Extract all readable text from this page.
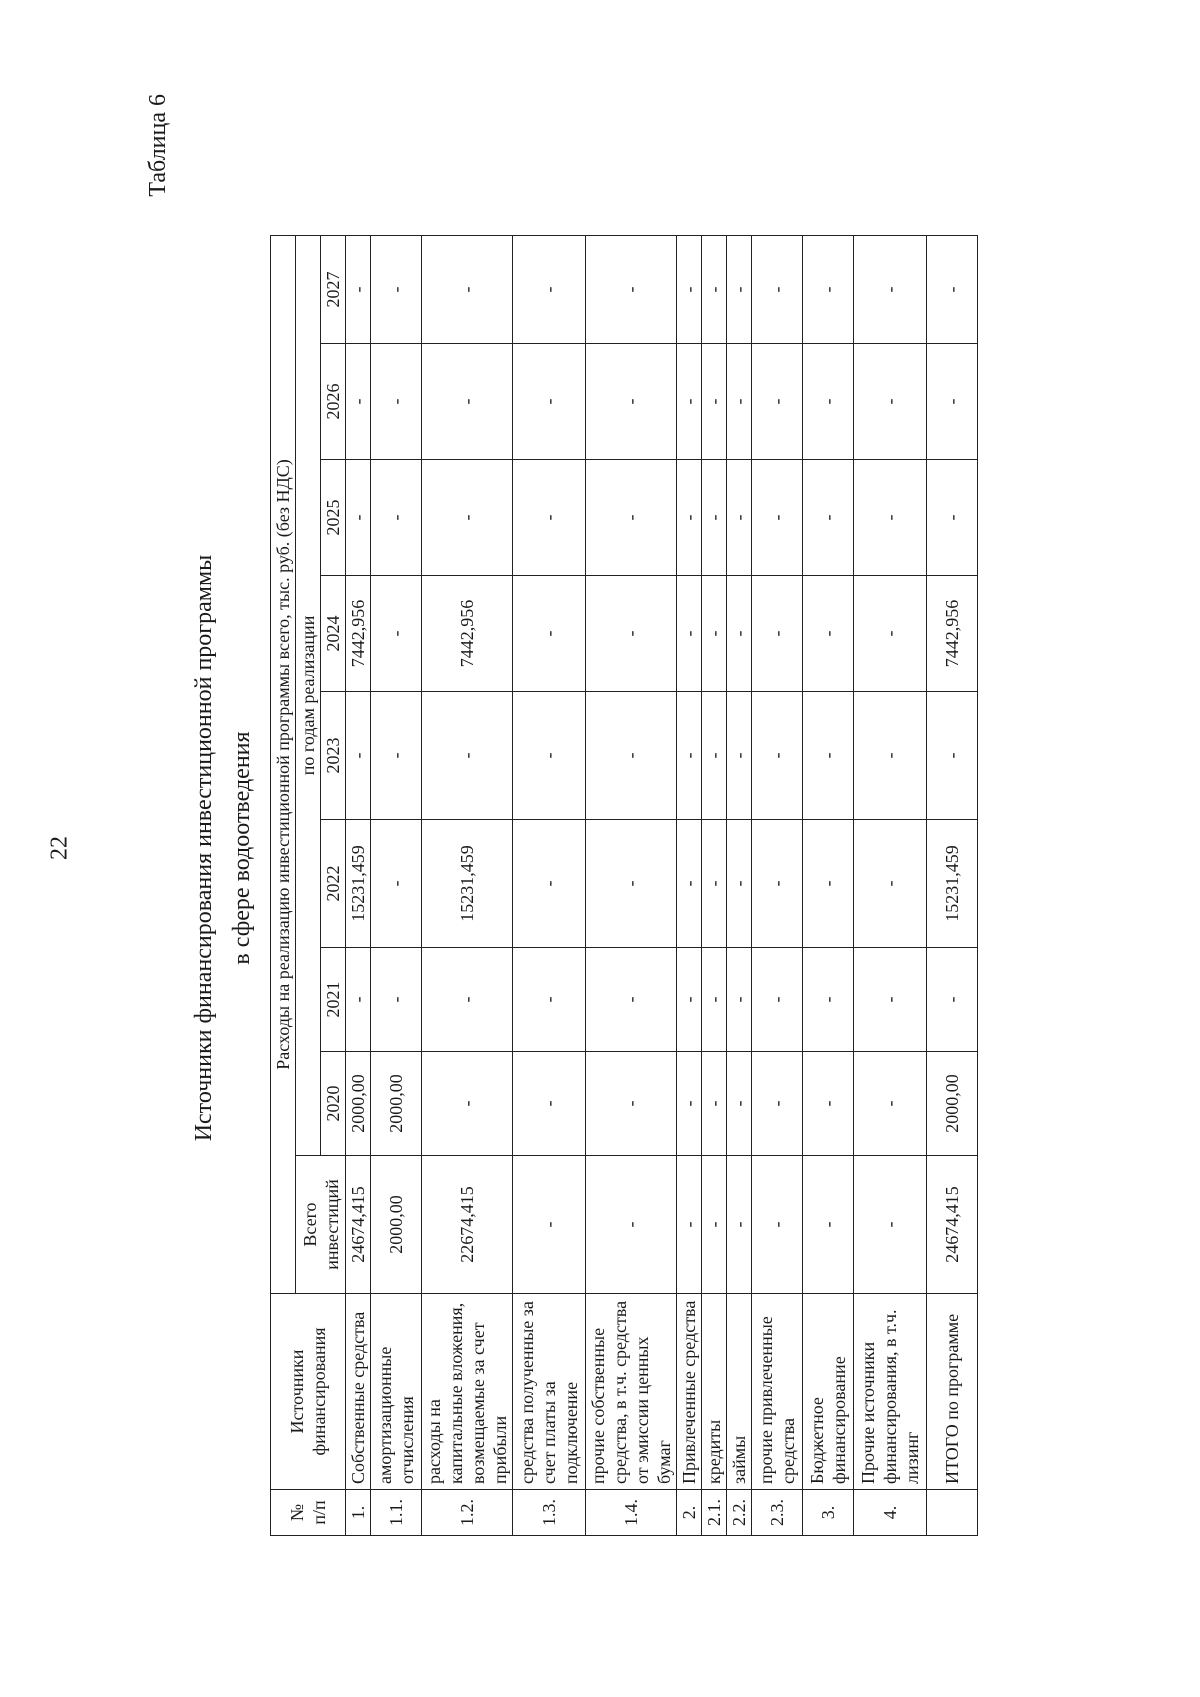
22
Таблица 6
Источники финансирования инвестиционной программы в сфере водоотведения
№ п/п	Источники финансирования	Расходы на реализацию инвестиционной программы всего, тыс. руб. (без НДС)								
		Всего инвестиций	по годам реализации							
			2020	2021	2022	2023	2024	2025	2026	2027
1.	Собственные средства	24674,415	2000,00	-	15231,459	-	7442,956	-	-	-
1.1.	амортизационные отчисления	2000,00	2000,00	-	-	-	-	-	-	-
1.2.	расходы на капитальные вложения, возмещаемые за счет прибыли	22674,415	-	-	15231,459	-	7442,956	-	-	-
1.3.	средства полученные за счет платы за подключение	-	-	-	-	-	-	-	-	-
1.4.	прочие собственные средства, в т.ч. средства от эмиссии ценных бумаг	-	-	-	-	-	-	-	-	-
2.	Привлеченные средства	-	-	-	-	-	-	-	-	-
2.1.	кредиты	-	-	-	-	-	-	-	-	-
2.2.	займы	-	-	-	-	-	-	-	-	-
2.3.	прочие привлеченные средства	-	-	-	-	-	-	-	-	-
3.	Бюджетное финансирование	-	-	-	-	-	-	-	-	-
4.	Прочие источники финансирования, в т.ч. лизинг	-	-	-	-	-	-	-	-	-
	ИТОГО по программе	24674,415	2000,00	-	15231,459	-	7442,956	-	-	-
